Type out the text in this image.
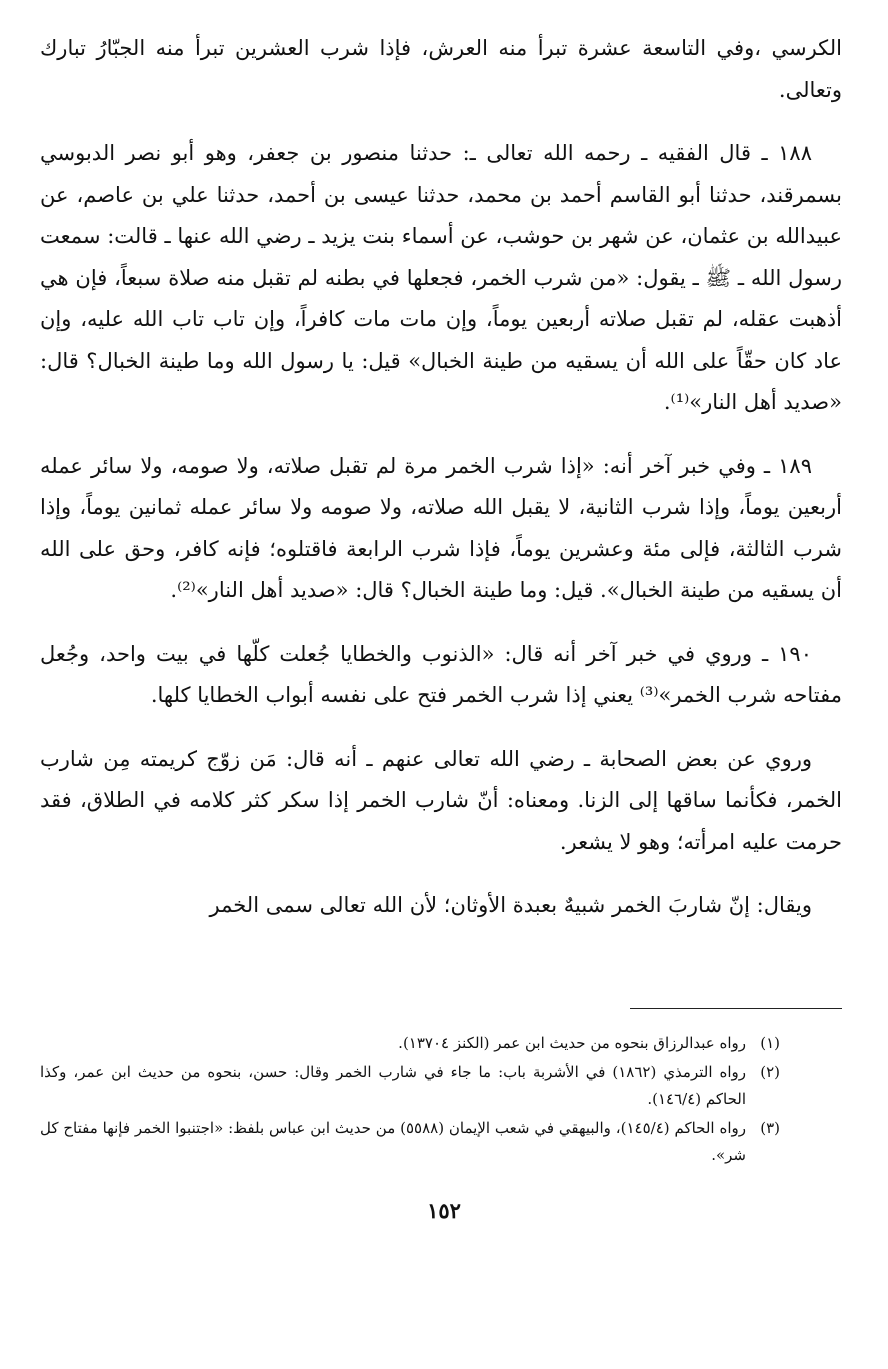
الكرسي ،وفي التاسعة عشرة تبرأ منه العرش، فإذا شرب العشرين تبرأ منه الجبّارُ تبارك وتعالى.

١٨٨ ـ قال الفقيه ـ رحمه الله تعالى ـ: حدثنا منصور بن جعفر، وهو أبو نصر الدبوسي بسمرقند، حدثنا أبو القاسم أحمد بن محمد، حدثنا عيسى بن أحمد، حدثنا علي بن عاصم، عن عبيدالله بن عثمان، عن شهر بن حوشب، عن أسماء بنت يزيد ـ رضي الله عنها ـ قالت: سمعت رسول الله ـ ﷺ ـ يقول: «من شرب الخمر، فجعلها في بطنه لم تقبل منه صلاة سبعاً، فإن هي أذهبت عقله، لم تقبل صلاته أربعين يوماً، وإن مات مات كافراً، وإن تاب تاب الله عليه، وإن عاد كان حقّاً على الله أن يسقيه من طينة الخبال» قيل: يا رسول الله وما طينة الخبال؟ قال: «صديد أهل النار»⁽¹⁾.

١٨٩ ـ وفي خبر آخر أنه: «إذا شرب الخمر مرة لم تقبل صلاته، ولا صومه، ولا سائر عمله أربعين يوماً، وإذا شرب الثانية، لا يقبل الله صلاته، ولا صومه ولا سائر عمله ثمانين يوماً، وإذا شرب الثالثة، فإلى مئة وعشرين يوماً، فإذا شرب الرابعة فاقتلوه؛ فإنه كافر، وحق على الله أن يسقيه من طينة الخبال». قيل: وما طينة الخبال؟ قال: «صديد أهل النار»⁽²⁾.

١٩٠ ـ وروي في خبر آخر أنه قال: «الذنوب والخطايا جُعلت كلّها في بيت واحد، وجُعل مفتاحه شرب الخمر»⁽³⁾ يعني إذا شرب الخمر فتح على نفسه أبواب الخطايا كلها.

وروي عن بعض الصحابة ـ رضي الله تعالى عنهم ـ أنه قال: مَن زوّج كريمته مِن شارب الخمر، فكأنما ساقها إلى الزنا. ومعناه: أنّ شارب الخمر إذا سكر كثر كلامه في الطلاق، فقد حرمت عليه امرأته؛ وهو لا يشعر.

ويقال: إنّ شاربَ الخمر شبيهٌ بعبدة الأوثان؛ لأن الله تعالى سمى الخمر

(١)
رواه عبدالرزاق بنحوه من حديث ابن عمر (الكنز ١٣٧٠٤).
(٢)
رواه الترمذي (١٨٦٢) في الأشربة باب: ما جاء في شارب الخمر وقال: حسن، بنحوه من حديث ابن عمر، وكذا الحاكم (١٤٦/٤).
(٣)
رواه الحاكم (١٤٥/٤)، والبيهقي في شعب الإيمان (٥٥٨٨) من حديث ابن عباس بلفظ: «اجتنبوا الخمر فإنها مفتاح كل شر».
١٥٢
